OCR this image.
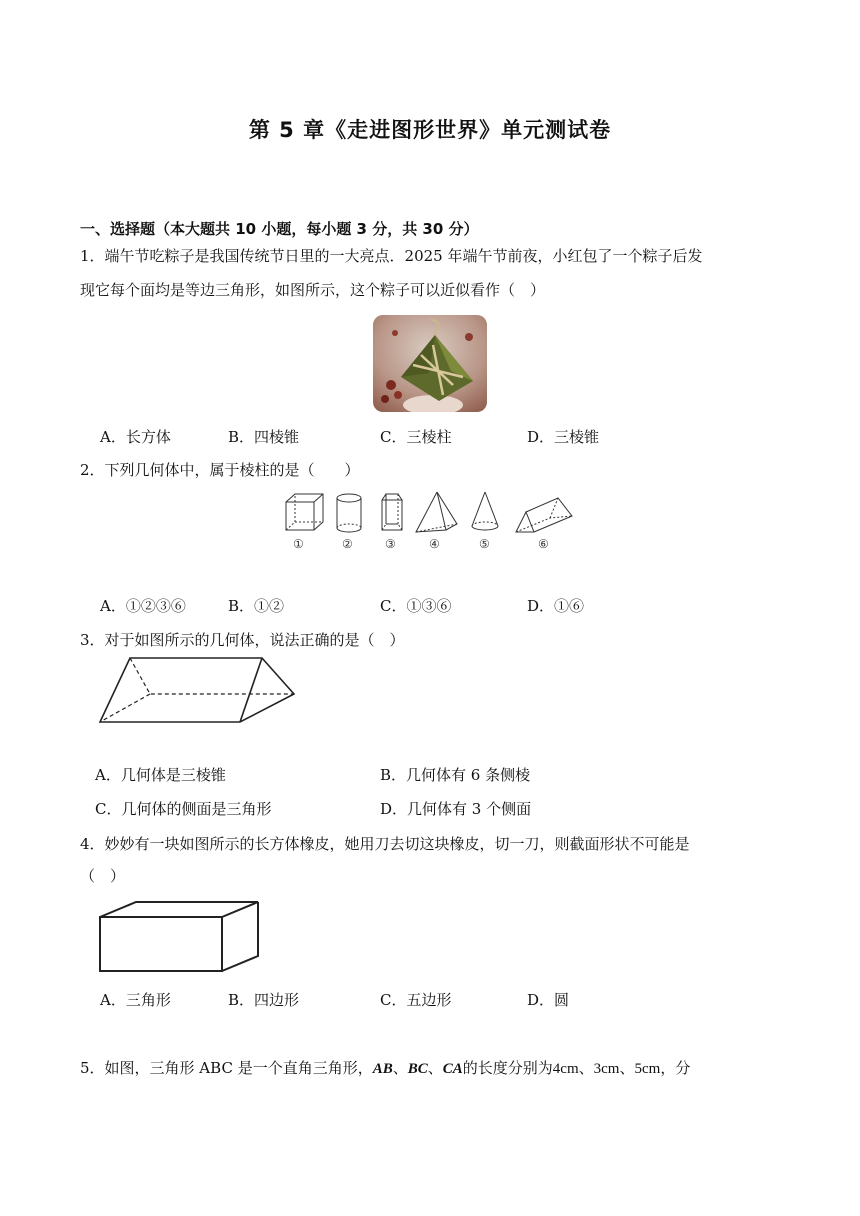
第 5 章《走进图形世界》单元测试卷
一、选择题（本大题共 10 小题，每小题 3 分，共 30 分）
1．端午节吃粽子是我国传统节日里的一大亮点．2025 年端午节前夜，小红包了一个粽子后发
现它每个面均是等边三角形，如图所示，这个粽子可以近似看作（　）
A．长方体	B．四棱锥	C．三棱柱	D．三棱锥
2．下列几何体中，属于棱柱的是（　　）
①	②	③	④	⑤	⑥
A．①②③⑥	B．①②	C．①③⑥	D．①⑥
3．对于如图所示的几何体，说法正确的是（　）
A．几何体是三棱锥	B．几何体有 6 条侧棱
C．几何体的侧面是三角形	D．几何体有 3 个侧面
4．妙妙有一块如图所示的长方体橡皮，她用刀去切这块橡皮，切一刀，则截面形状不可能是
（　）
A．三角形	B．四边形	C．五边形	D．圆
5．如图，三角形 ABC 是一个直角三角形，AB、BC、CA的长度分别为4cm、3cm、5cm，分
